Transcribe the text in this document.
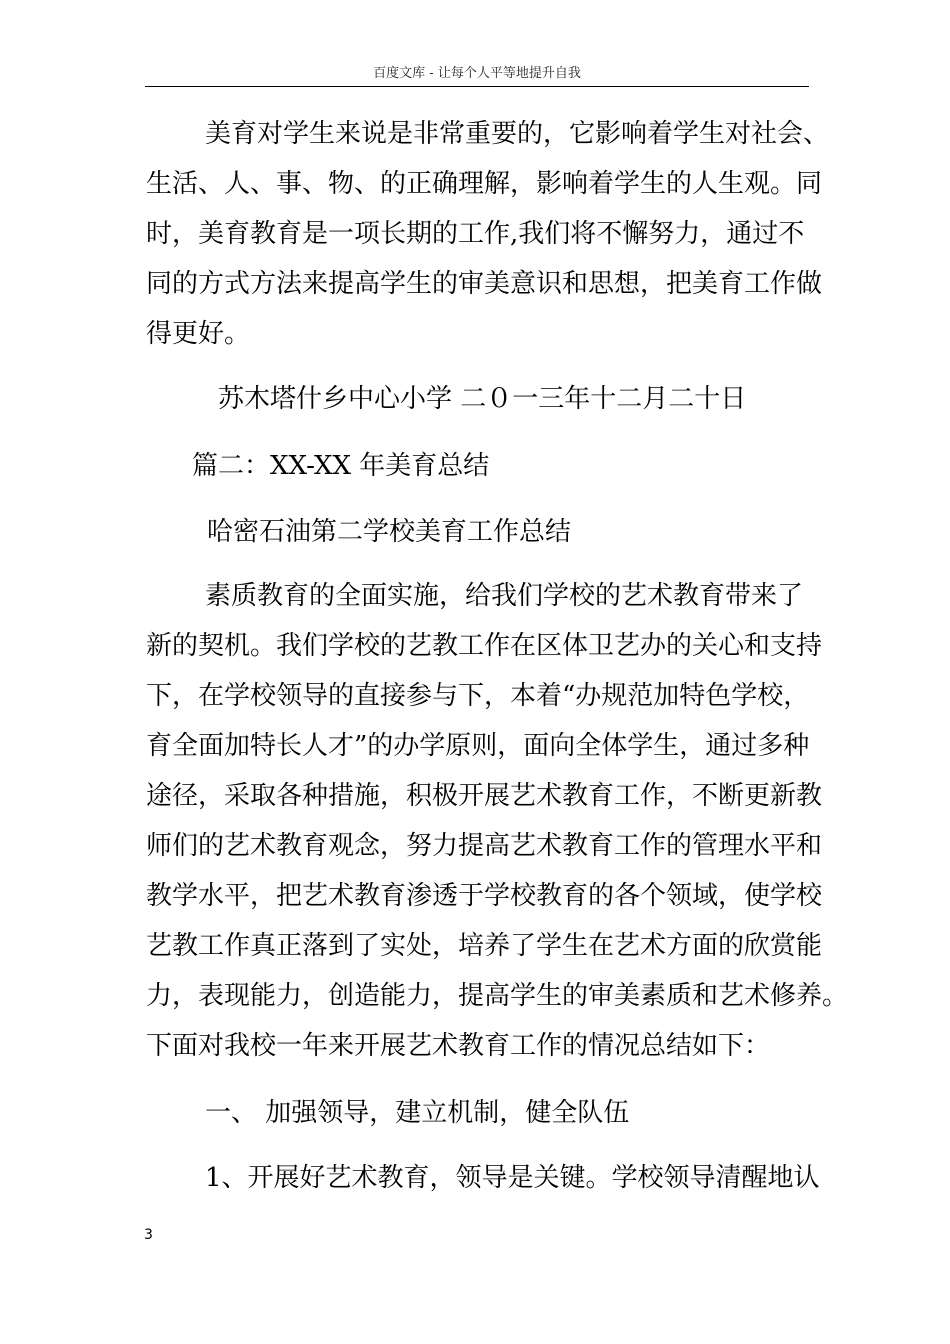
百度文库 - 让每个人平等地提升自我
美育对学生来说是非常重要的，它影响着学生对社会、
生活、人、事、物、的正确理解，影响着学生的人生观。同
时，美育教育是一项长期的工作,我们将不懈努力，通过不
同的方式方法来提高学生的审美意识和思想，把美育工作做
得更好。
苏木塔什乡中心小学 二０一三年十二月二十日
篇二：XX-XX 年美育总结
哈密石油第二学校美育工作总结
素质教育的全面实施，给我们学校的艺术教育带来了
新的契机。我们学校的艺教工作在区体卫艺办的关心和支持
下，在学校领导的直接参与下，本着“办规范加特色学校，
育全面加特长人才”的办学原则，面向全体学生，通过多种
途径，采取各种措施，积极开展艺术教育工作，不断更新教
师们的艺术教育观念，努力提高艺术教育工作的管理水平和
教学水平，把艺术教育渗透于学校教育的各个领域，使学校
艺教工作真正落到了实处，培养了学生在艺术方面的欣赏能
力，表现能力，创造能力，提高学生的审美素质和艺术修养。
下面对我校一年来开展艺术教育工作的情况总结如下：
一、 加强领导，建立机制，健全队伍
1、开展好艺术教育，领导是关键。学校领导清醒地认
3
